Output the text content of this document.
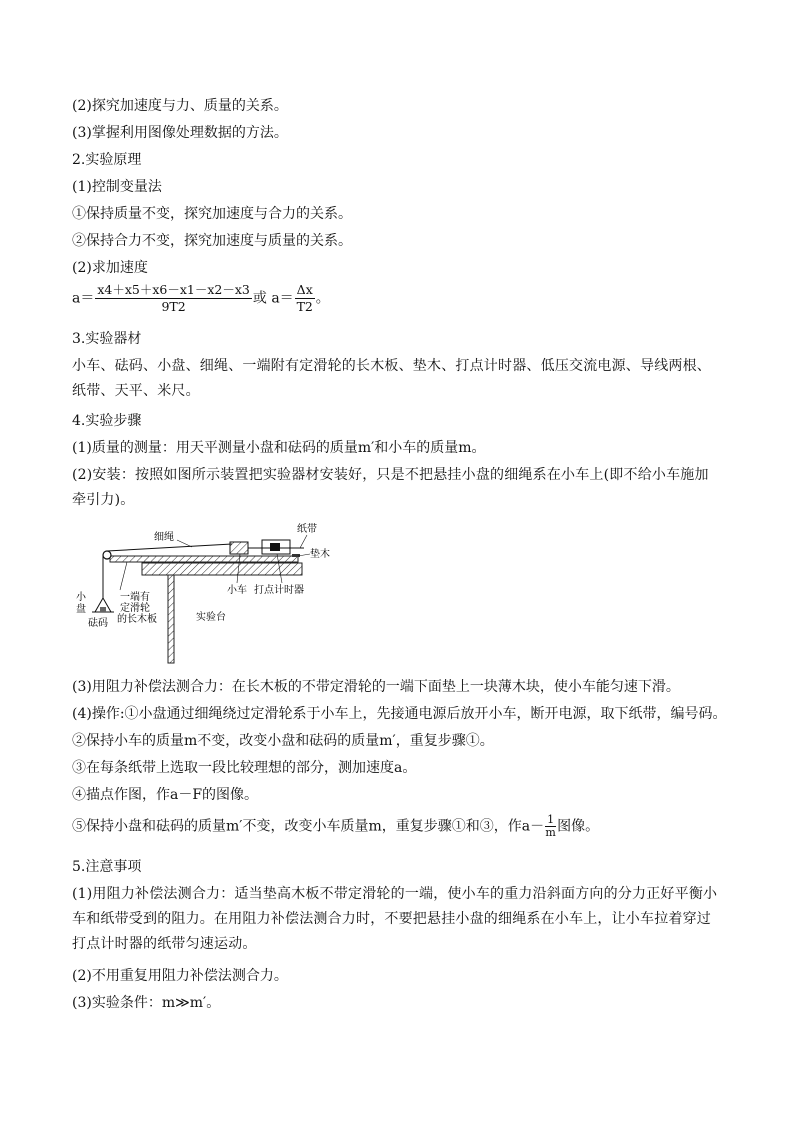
(2)探究加速度与力、质量的关系。
(3)掌握利用图像处理数据的方法。
2.实验原理
(1)控制变量法
①保持质量不变，探究加速度与合力的关系。
②保持合力不变，探究加速度与质量的关系。
(2)求加速度
$a= \frac{x4+x5+x6-x1-x2-x3}{9T2}$ 或 $a= \frac{\Delta x}{T2}$ 。
3.实验器材
小车、砝码、小盘、细绳、一端附有定滑轮的长木板、垫木、打点计时器、低压交流电源、导线两根、纸带、天平、米尺。
4.实验步骤
(1)质量的测量：用天平测量小盘和砝码的质量m′和小车的质量m。
(2)安装：按照如图所示装置把实验器材安装好，只是不把悬挂小盘的细绳系在小车上(即不给小车施加牵引力)。
细绳
纸带
垫木
小
盘
一端有
定滑轮
的长木板
小车 打点计时器
砝码
实验台
(3)用阻力补偿法测合力：在长木板的不带定滑轮的一端下面垫上一块薄木块，使小车能匀速下滑。
(4)操作:①小盘通过细绳绕过定滑轮系于小车上，先接通电源后放开小车，断开电源，取下纸带，编号码。
②保持小车的质量m不变，改变小盘和砝码的质量m′，重复步骤①。
③在每条纸带上选取一段比较理想的部分，测加速度a。
④描点作图，作a－F的图像。
⑤保持小盘和砝码的质量m′不变，改变小车质量m，重复步骤①和③，作$a- \frac{1}{m}$ 图像。
5.注意事项
(1)用阻力补偿法测合力：适当垫高木板不带定滑轮的一端，使小车的重力沿斜面方向的分力正好平衡小车和纸带受到的阻力。在用阻力补偿法测合力时，不要把悬挂小盘的细绳系在小车上，让小车拉着穿过打点计时器的纸带匀速运动。
(2)不用重复用阻力补偿法测合力。
(3)实验条件：m≫m′。
